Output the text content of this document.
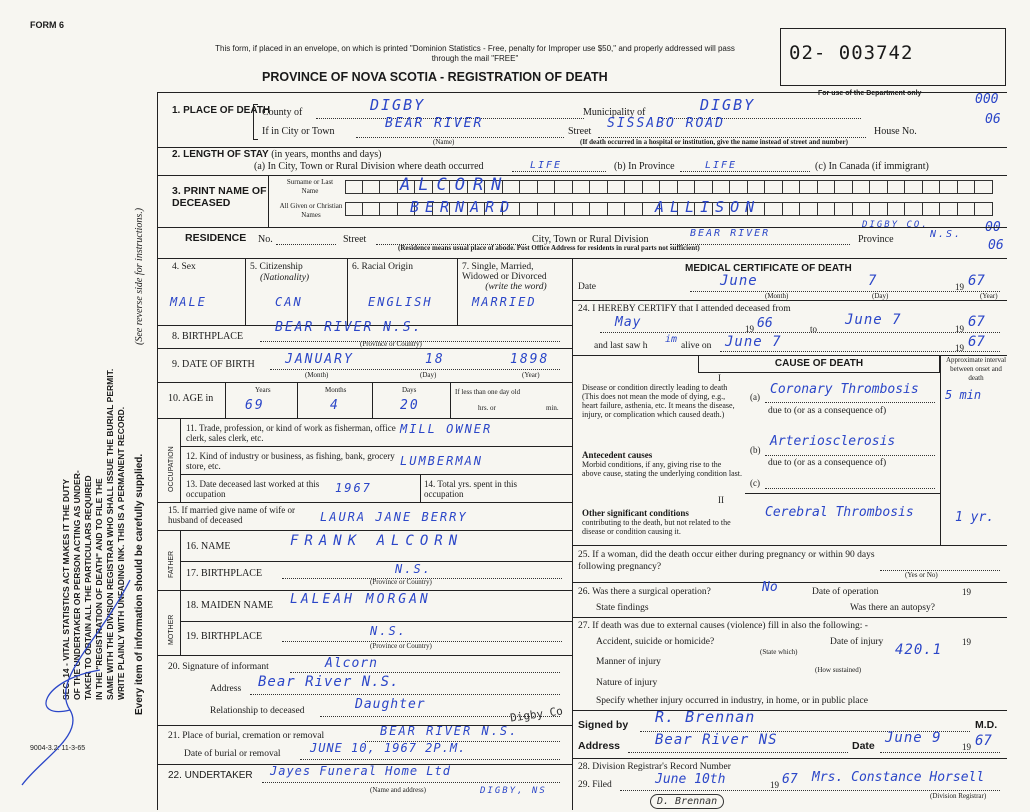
FORM 6
This form, if placed in an envelope, on which is printed "Dominion Statistics - Free, penalty for Improper use $50," and properly addressed will pass through the mail "FREE"
PROVINCE OF NOVA SCOTIA - REGISTRATION OF DEATH
02- 003742
For use of the Department only	000
06
00
06
SEC. 14 - VITAL STATISTICS ACT MAKES IT THE DUTY OF THE UNDERTAKER OR PERSON ACTING AS UNDER- TAKER TO OBTAIN ALL THE PARTICULARS REQUIRED IN THE "REGISTRATION OF DEATH" AND TO FILE THE SAME WITH THE DIVISION REGISTRAR WHO SHALL ISSUE THE BURIAL PERMIT. WRITE PLAINLY WITH UNFADING INK. THIS IS A PERMANENT RECORD. Every item of information should be carefully supplied.
(See reverse side for instructions.)
1. PLACE OF DEATH
County of	DIGBY	Municipality of	DIGBY
If in City or Town
BEAR RIVER
Street
SISSABO ROAD
House No.
(Name)	(If death occurred in a hospital or institution, give the name instead of street and number)
2. LENGTH OF STAY (in years, months and days)
(a) In City, Town or Rural Division where death occurred	LIFE	(b) In Province	LIFE	(c) In Canada (if immigrant)
3. PRINT NAME OF DECEASED
Surname or Last Name
All Given or Christian Names
ALCORN
BERNARD	ALLISON
RESIDENCE No.	Street	City, Town or Rural Division
BEAR RIVER
DIGBY CO.
Province	N.S.
(Residence means usual place of abode. Post Office Address for residents in rural parts not sufficient)
4. Sex	5. Citizenship
(Nationality)
6. Racial Origin	7. Single, Married, Widowed or Divorced
(write the word)
MALE	CAN	ENGLISH	MARRIED
8. BIRTHPLACE
BEAR RIVER N.S.
(Province or Country)
9. DATE OF BIRTH JANUARY	18	1898
(Month)	(Day)	(Year)
10. AGE in
Years	Months	Days
69	4	20
If less than one day old
hrs. or	min.
OCCUPATION
11. Trade, profession, or kind of work as fisherman, office clerk, sales clerk, etc.
MILL OWNER
12. Kind of industry or business, as fishing, bank, grocery store, etc.	LUMBERMAN
13. Date deceased last worked at this occupation	1967	14. Total yrs. spent in this occupation
15. If married give name of wife or husband of deceased	LAURA JANE BERRY
FATHER
16. NAME	FRANK ALCORN
17. BIRTHPLACE	N.S.
(Province or Country)
MOTHER
18. MAIDEN NAME LALEAH MORGAN
19. BIRTHPLACE	N.S.
(Province or Country)
20. Signature of informant	Alcorn
Address Bear River N.S.
Relationship to deceased	Daughter
21. Place of burial, cremation or removal	BEAR RIVER N.S.
Digby Co
Date of burial or removal JUNE 10, 1967 2P.M.
22. UNDERTAKER Jayes Funeral Home Ltd
DIGBY, NS
(Name and address)
MEDICAL CERTIFICATE OF DEATH
Date	June	7	19 67
(Month)	(Day)	(Year)
24. I HEREBY CERTIFY that I attended deceased from
May	19 66	to
June 7
19 67
and last saw h
im
alive on June 7	19 67
CAUSE OF DEATH	Approximate interval between onset and death
I
Disease or condition directly leading to death (This does not mean the mode of dying, e.g., heart failure, asthenia, etc. It means the disease, injury, or complication which caused death.)
(a) Coronary Thrombosis 5 min
due to (or as a consequence of)
Antecedent causes
Morbid conditions, if any, giving rise to the above cause, stating the underlying condition last.
(b)
Arteriosclerosis
due to (or as a consequence of)
(c)
II
Other significant conditions
contributing to the death, but not related to the disease or condition causing it.
Cerebral Thrombosis	1 yr.
25. If a woman, did the death occur either during pregnancy or within 90 days following pregnancy?
(Yes or No)
26. Was there a surgical operation?	No	Date of operation	19
State findings	Was there an autopsy?
27. If death was due to external causes (violence) fill in also the following: -
Accident, suicide or homicide?	Date of injury	19
(State which)
Manner of injury
420.1
(How sustained)
Nature of injury
Specify whether injury occurred in industry, in home, or in public place
Signed by R. Brennan	M.D.
Address Bear River NS	Date June 9
19 67
28. Division Registrar's Record Number
29. Filed	June 10th	19 67 Mrs. Constance Horsell
(Division Registrar)
D. Brennan
9004-3.2: 11-3-65
